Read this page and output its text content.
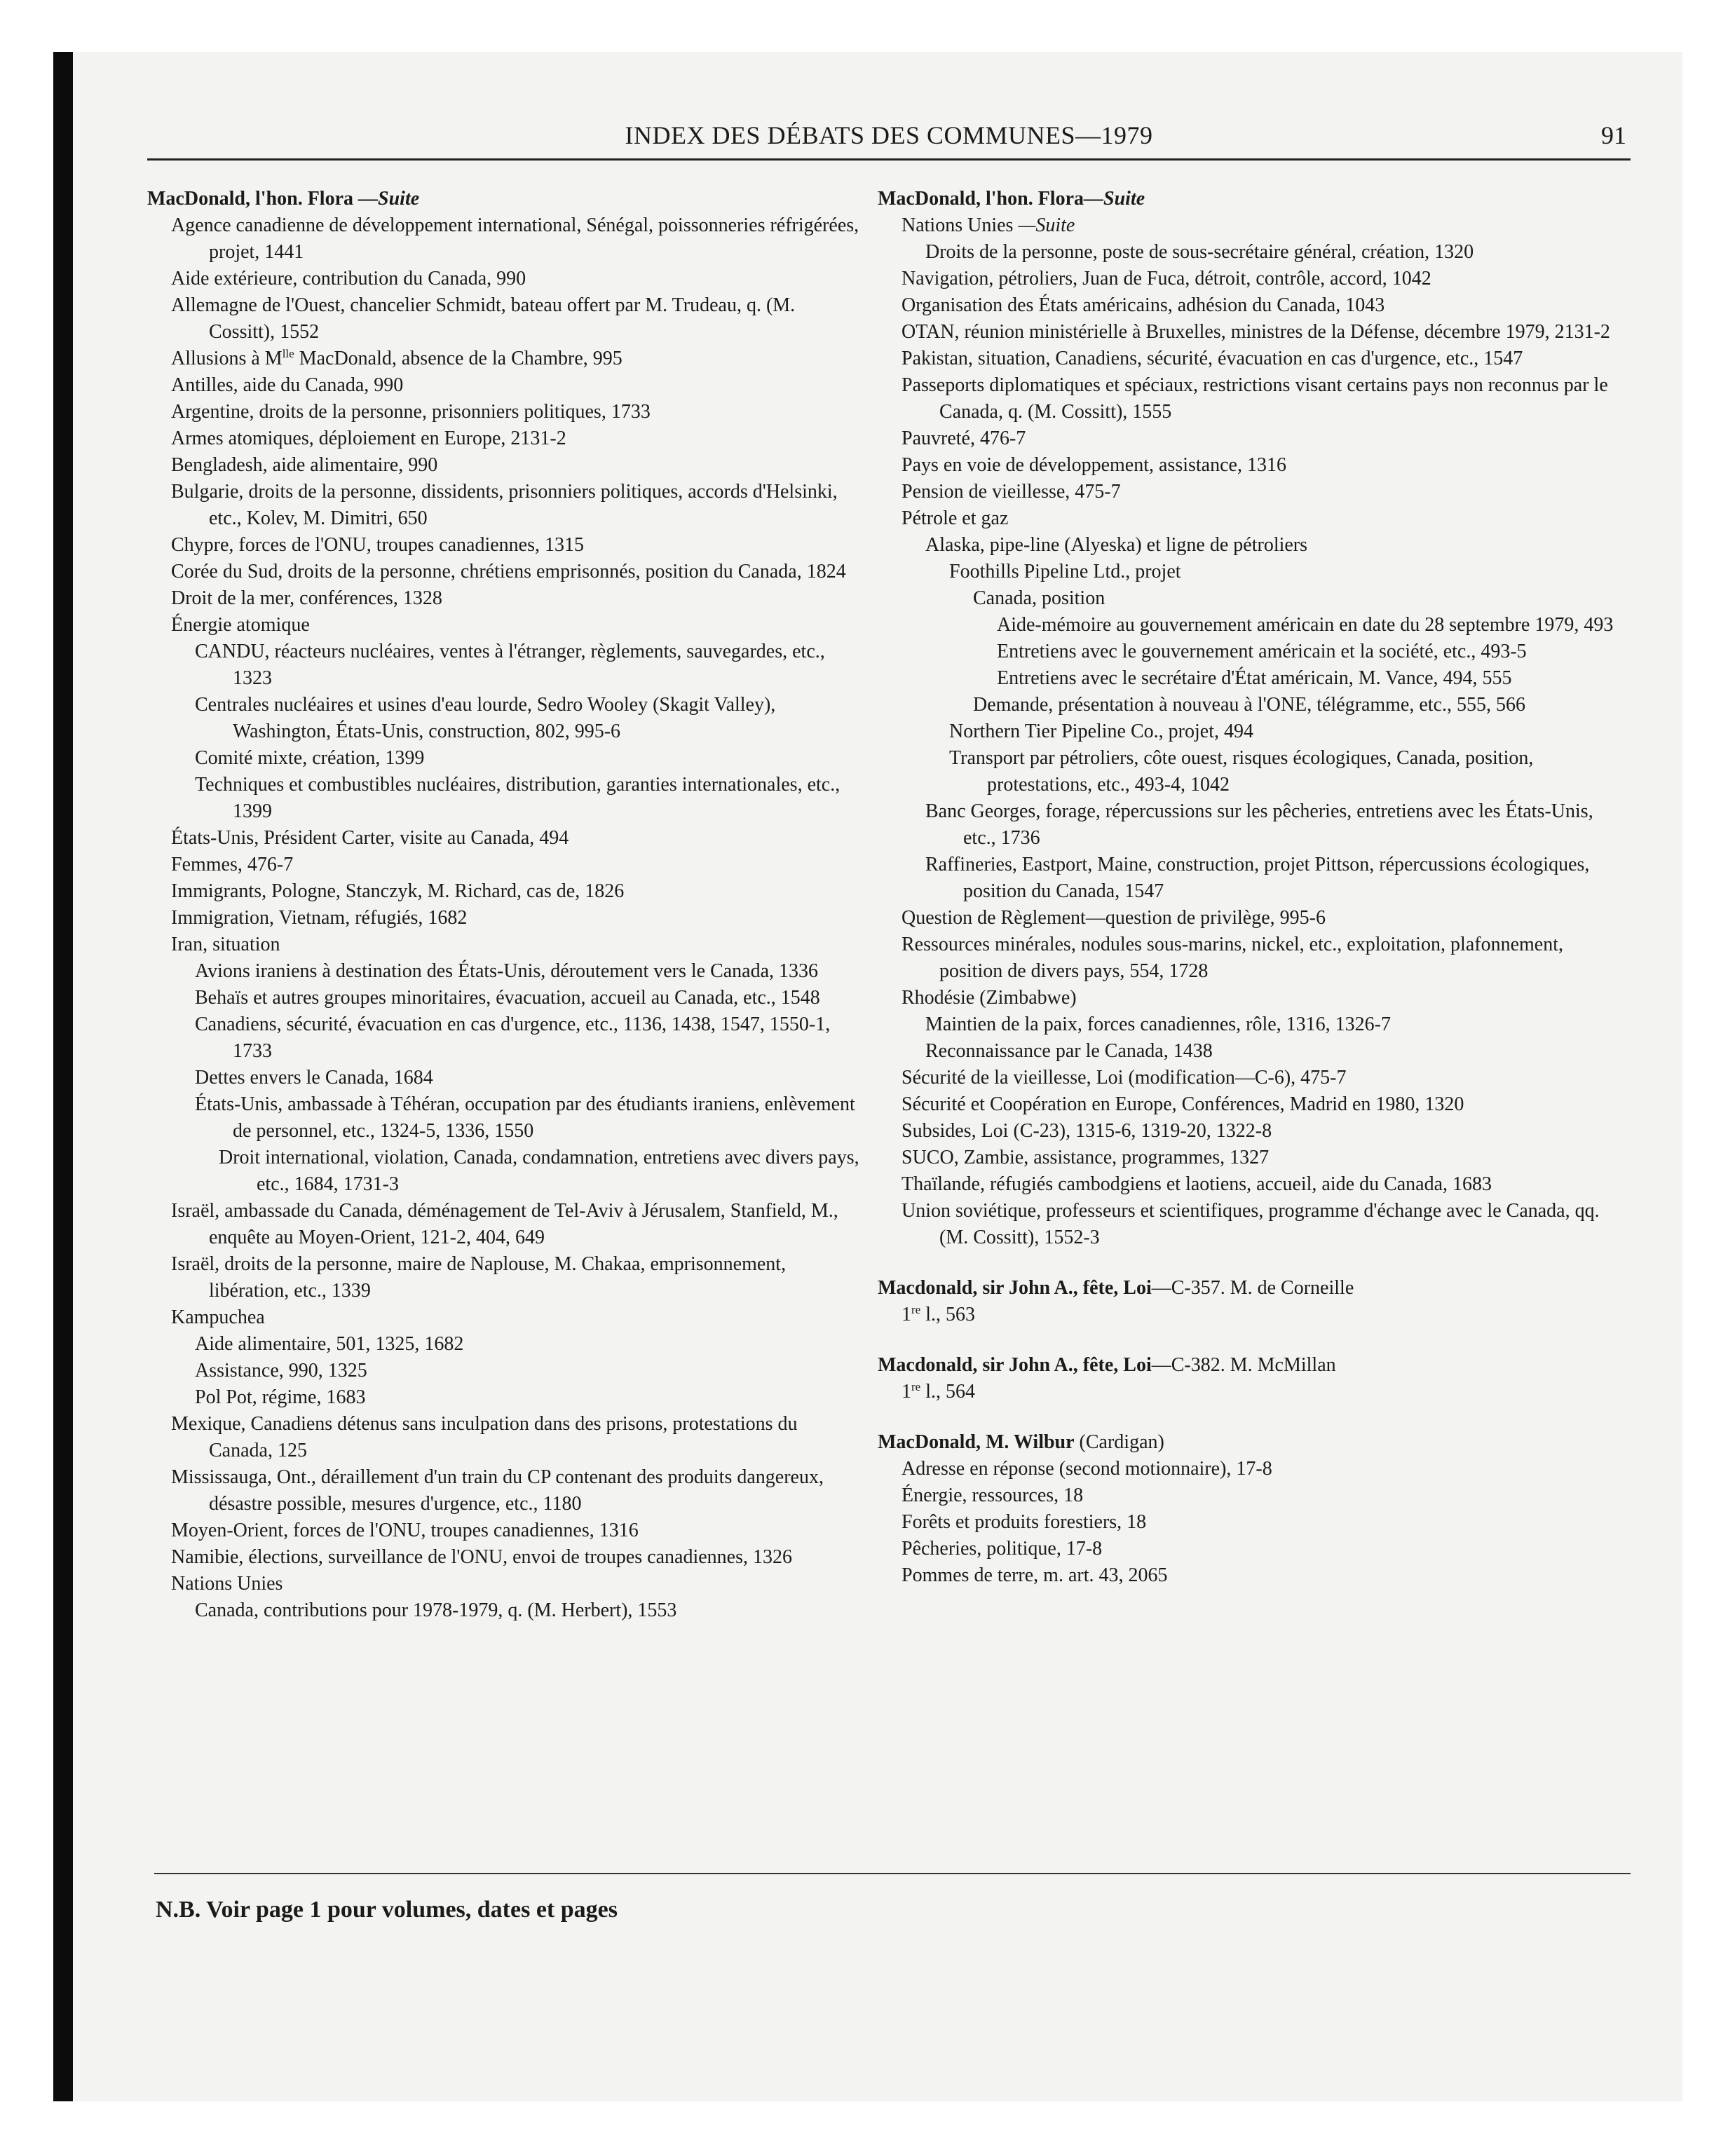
INDEX DES DÉBATS DES COMMUNES—1979	91
MacDonald, l'hon. Flora —Suite
Agence canadienne de développement international, Sénégal, poissonneries réfrigérées, projet, 1441
Aide extérieure, contribution du Canada, 990
Allemagne de l'Ouest, chancelier Schmidt, bateau offert par M. Trudeau, q. (M. Cossitt), 1552
Allusions à $M^{lle}$ MacDonald, absence de la Chambre, 995
Antilles, aide du Canada, 990
Argentine, droits de la personne, prisonniers politiques, 1733
Armes atomiques, déploiement en Europe, 2131-2
Bengladesh, aide alimentaire, 990
Bulgarie, droits de la personne, dissidents, prisonniers politiques, accords d'Helsinki, etc., Kolev, M. Dimitri, 650
Chypre, forces de l'ONU, troupes canadiennes, 1315
Corée du Sud, droits de la personne, chrétiens emprisonnés, position du Canada, 1824
Droit de la mer, conférences, 1328
Énergie atomique
CANDU, réacteurs nucléaires, ventes à l'étranger, règlements, sauvegardes, etc., 1323
Centrales nucléaires et usines d'eau lourde, Sedro Wooley (Skagit Valley), Washington, États-Unis, construction, 802, 995-6
Comité mixte, création, 1399
Techniques et combustibles nucléaires, distribution, garanties internationales, etc., 1399
États-Unis, Président Carter, visite au Canada, 494
Femmes, 476-7
Immigrants, Pologne, Stanczyk, M. Richard, cas de, 1826
Immigration, Vietnam, réfugiés, 1682
Iran, situation
Avions iraniens à destination des États-Unis, déroutement vers le Canada, 1336
Behaïs et autres groupes minoritaires, évacuation, accueil au Canada, etc., 1548
Canadiens, sécurité, évacuation en cas d'urgence, etc., 1136, 1438, 1547, 1550-1, 1733
Dettes envers le Canada, 1684
États-Unis, ambassade à Téhéran, occupation par des étudiants iraniens, enlèvement de personnel, etc., 1324-5, 1336, 1550
Droit international, violation, Canada, condamnation, entretiens avec divers pays, etc., 1684, 1731-3
Israël, ambassade du Canada, déménagement de Tel-Aviv à Jérusalem, Stanfield, M., enquête au Moyen-Orient, 121-2, 404, 649
Israël, droits de la personne, maire de Naplouse, M. Chakaa, emprisonnement, libération, etc., 1339
Kampuchea
Aide alimentaire, 501, 1325, 1682
Assistance, 990, 1325
Pol Pot, régime, 1683
Mexique, Canadiens détenus sans inculpation dans des prisons, protestations du Canada, 125
Mississauga, Ont., déraillement d'un train du CP contenant des produits dangereux, désastre possible, mesures d'urgence, etc., 1180
Moyen-Orient, forces de l'ONU, troupes canadiennes, 1316
Namibie, élections, surveillance de l'ONU, envoi de troupes canadiennes, 1326
Nations Unies
Canada, contributions pour 1978-1979, q. (M. Herbert), 1553
MacDonald, l'hon. Flora—Suite
Nations Unies —Suite
Droits de la personne, poste de sous-secrétaire général, création, 1320
Navigation, pétroliers, Juan de Fuca, détroit, contrôle, accord, 1042
Organisation des États américains, adhésion du Canada, 1043
OTAN, réunion ministérielle à Bruxelles, ministres de la Défense, décembre 1979, 2131-2
Pakistan, situation, Canadiens, sécurité, évacuation en cas d'urgence, etc., 1547
Passeports diplomatiques et spéciaux, restrictions visant certains pays non reconnus par le Canada, q. (M. Cossitt), 1555
Pauvreté, 476-7
Pays en voie de développement, assistance, 1316
Pension de vieillesse, 475-7
Pétrole et gaz
Alaska, pipe-line (Alyeska) et ligne de pétroliers
Foothills Pipeline Ltd., projet
Canada, position
Aide-mémoire au gouvernement américain en date du 28 septembre 1979, 493
Entretiens avec le gouvernement américain et la société, etc., 493-5
Entretiens avec le secrétaire d'État américain, M. Vance, 494, 555
Demande, présentation à nouveau à l'ONE, télégramme, etc., 555, 566
Northern Tier Pipeline Co., projet, 494
Transport par pétroliers, côte ouest, risques écologiques, Canada, position, protestations, etc., 493-4, 1042
Banc Georges, forage, répercussions sur les pêcheries, entretiens avec les États-Unis, etc., 1736
Raffineries, Eastport, Maine, construction, projet Pittson, répercussions écologiques, position du Canada, 1547
Question de Règlement—question de privilège, 995-6
Ressources minérales, nodules sous-marins, nickel, etc., exploitation, plafonnement, position de divers pays, 554, 1728
Rhodésie (Zimbabwe)
Maintien de la paix, forces canadiennes, rôle, 1316, 1326-7
Reconnaissance par le Canada, 1438
Sécurité de la vieillesse, Loi (modification—C-6), 475-7
Sécurité et Coopération en Europe, Conférences, Madrid en 1980, 1320
Subsides, Loi (C-23), 1315-6, 1319-20, 1322-8
SUCO, Zambie, assistance, programmes, 1327
Thaïlande, réfugiés cambodgiens et laotiens, accueil, aide du Canada, 1683
Union soviétique, professeurs et scientifiques, programme d'échange avec le Canada, qq. (M. Cossitt), 1552-3
Macdonald, sir John A., fête, Loi—C-357. M. de Corneille
1re l., 563
Macdonald, sir John A., fête, Loi—C-382. M. McMillan
1re l., 564
MacDonald, M. Wilbur (Cardigan)
Adresse en réponse (second motionnaire), 17-8
Énergie, ressources, 18
Forêts et produits forestiers, 18
Pêcheries, politique, 17-8
Pommes de terre, m. art. 43, 2065
N.B. Voir page 1 pour volumes, dates et pages
